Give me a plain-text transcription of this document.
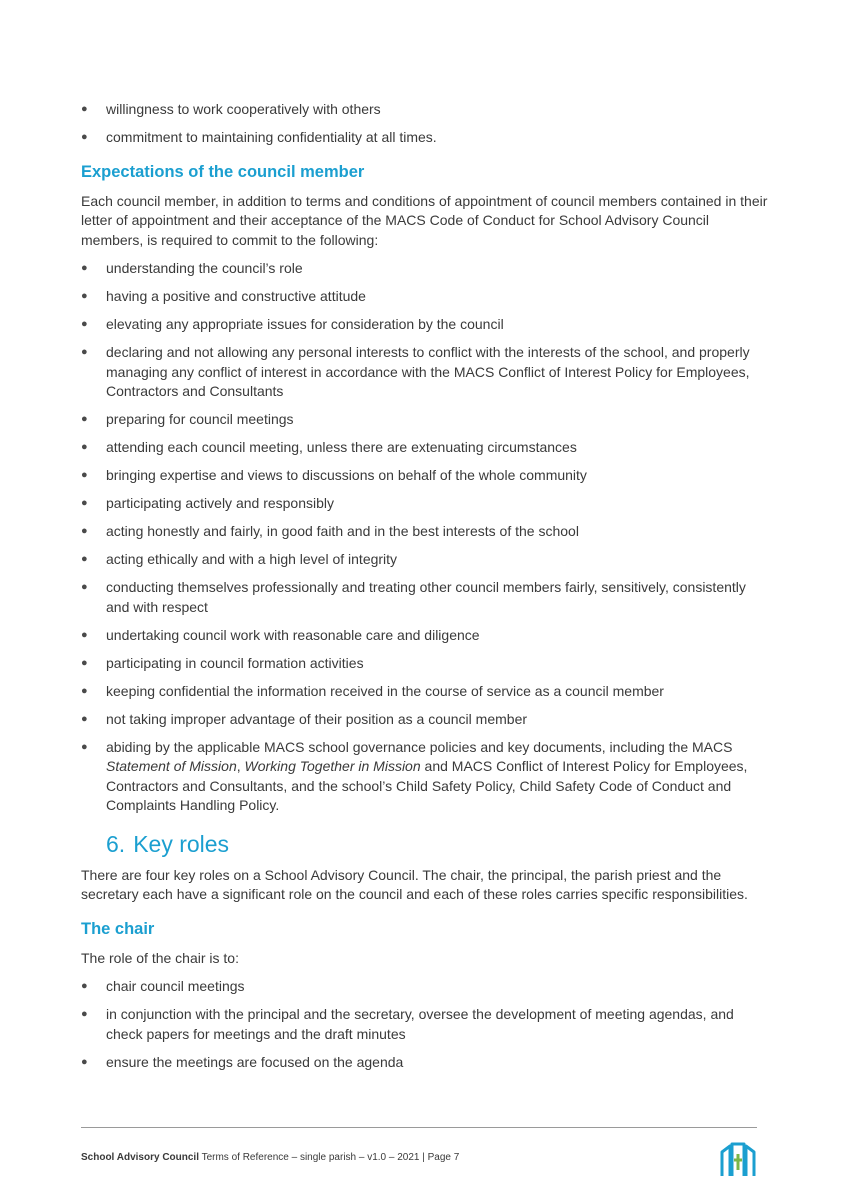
● willingness to work cooperatively with others
● commitment to maintaining confidentiality at all times.
Expectations of the council member

Each council member, in addition to terms and conditions of appointment of council members contained in their letter of appointment and their acceptance of the MACS Code of Conduct for School Advisory Council members, is required to commit to the following:

● understanding the council’s role
● having a positive and constructive attitude
● elevating any appropriate issues for consideration by the council
● declaring and not allowing any personal interests to conflict with the interests of the school, and properly managing any conflict of interest in accordance with the MACS Conflict of Interest Policy for Employees, Contractors and Consultants
● preparing for council meetings
● attending each council meeting, unless there are extenuating circumstances
● bringing expertise and views to discussions on behalf of the whole community
● participating actively and responsibly
● acting honestly and fairly, in good faith and in the best interests of the school
● acting ethically and with a high level of integrity
● conducting themselves professionally and treating other council members fairly, sensitively, consistently and with respect
● undertaking council work with reasonable care and diligence
● participating in council formation activities
● keeping confidential the information received in the course of service as a council member
● not taking improper advantage of their position as a council member
● abiding by the applicable MACS school governance policies and key documents, including the MACS Statement of Mission, Working Together in Mission and MACS Conflict of Interest Policy for Employees, Contractors and Consultants, and the school’s Child Safety Policy, Child Safety Code of Conduct and Complaints Handling Policy.
6. Key roles

There are four key roles on a School Advisory Council. The chair, the principal, the parish priest and the secretary each have a significant role on the council and each of these roles carries specific responsibilities.

The chair

The role of the chair is to:

● chair council meetings
● in conjunction with the principal and the secretary, oversee the development of meeting agendas, and check papers for meetings and the draft minutes
● ensure the meetings are focused on the agenda
School Advisory Council Terms of Reference – single parish – v1.0 – 2021 | Page 7
